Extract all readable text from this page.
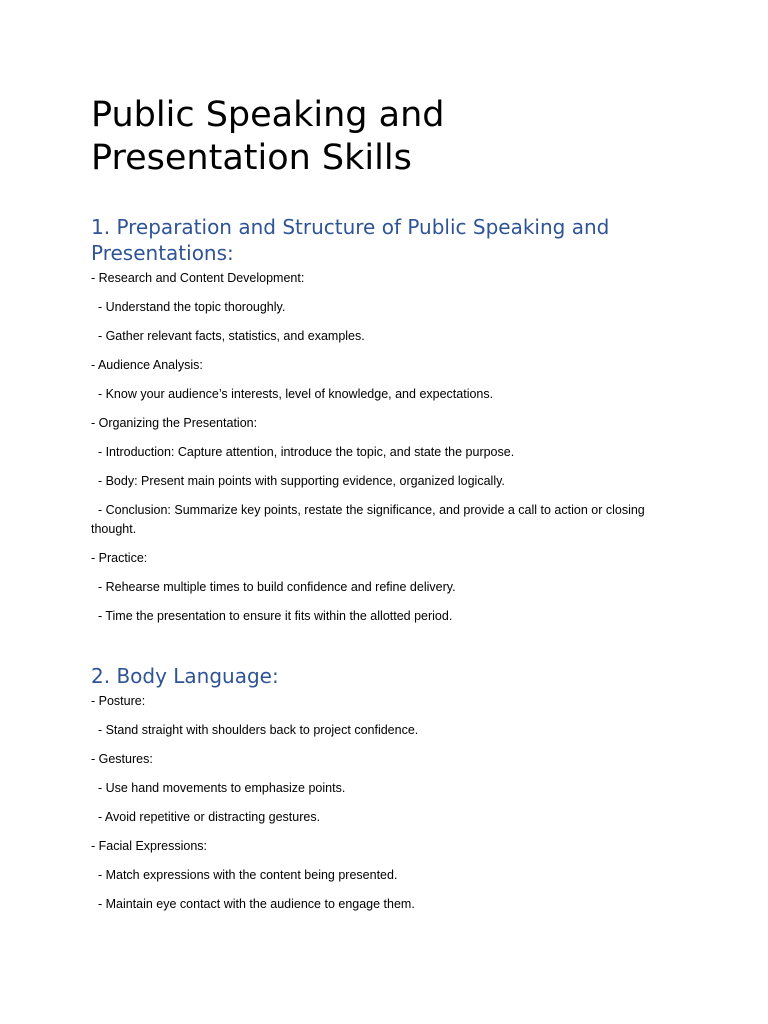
Public Speaking and Presentation Skills
1. Preparation and Structure of Public Speaking and Presentations:

- Research and Content Development:

- Understand the topic thoroughly.

- Gather relevant facts, statistics, and examples.

- Audience Analysis:

- Know your audience’s interests, level of knowledge, and expectations.

- Organizing the Presentation:

- Introduction: Capture attention, introduce the topic, and state the purpose.

- Body: Present main points with supporting evidence, organized logically.

- Conclusion: Summarize key points, restate the significance, and provide a call to action or closing thought.

- Practice:

- Rehearse multiple times to build confidence and refine delivery.

- Time the presentation to ensure it fits within the allotted period.

2. Body Language:

- Posture:

- Stand straight with shoulders back to project confidence.

- Gestures:

- Use hand movements to emphasize points.

- Avoid repetitive or distracting gestures.

- Facial Expressions:

- Match expressions with the content being presented.

- Maintain eye contact with the audience to engage them.
